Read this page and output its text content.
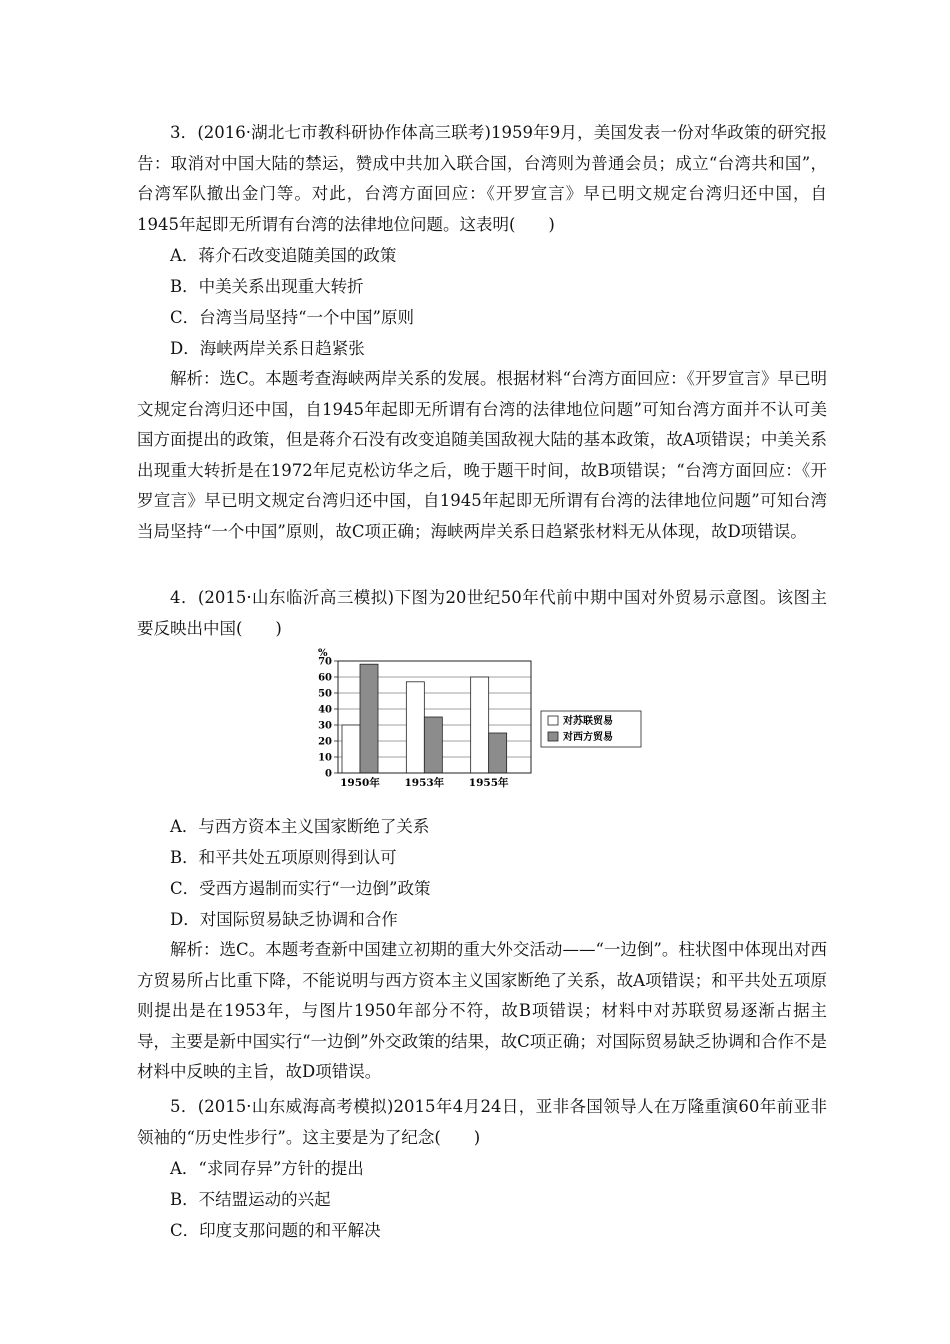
3．(2016·湖北七市教科研协作体高三联考)1959年9月，美国发表一份对华政策的研究报告：取消对中国大陆的禁运，赞成中共加入联合国，台湾则为普通会员；成立“台湾共和国”，台湾军队撤出金门等。对此，台湾方面回应：《开罗宣言》早已明文规定台湾归还中国，自1945年起即无所谓有台湾的法律地位问题。这表明(　　)

A．蒋介石改变追随美国的政策

B．中美关系出现重大转折

C．台湾当局坚持“一个中国”原则

D．海峡两岸关系日趋紧张

解析：选C。本题考查海峡两岸关系的发展。根据材料“台湾方面回应：《开罗宣言》早已明文规定台湾归还中国，自1945年起即无所谓有台湾的法律地位问题”可知台湾方面并不认可美国方面提出的政策，但是蒋介石没有改变追随美国敌视大陆的基本政策，故A项错误；中美关系出现重大转折是在1972年尼克松访华之后，晚于题干时间，故B项错误；“台湾方面回应：《开罗宣言》早已明文规定台湾归还中国，自1945年起即无所谓有台湾的法律地位问题”可知台湾当局坚持“一个中国”原则，故C项正确；海峡两岸关系日趋紧张材料无从体现，故D项错误。

4．(2015·山东临沂高三模拟)下图为20世纪50年代前中期中国对外贸易示意图。该图主要反映出中国(　　)

%
0
10
20
30
40
50
60
70
1950年 1953年 1955年
对苏联贸易
对西方贸易

A．与西方资本主义国家断绝了关系

B．和平共处五项原则得到认可

C．受西方遏制而实行“一边倒”政策

D．对国际贸易缺乏协调和合作

解析：选C。本题考查新中国建立初期的重大外交活动——“一边倒”。柱状图中体现出对西方贸易所占比重下降，不能说明与西方资本主义国家断绝了关系，故A项错误；和平共处五项原则提出是在1953年，与图片1950年部分不符，故B项错误；材料中对苏联贸易逐渐占据主导，主要是新中国实行“一边倒”外交政策的结果，故C项正确；对国际贸易缺乏协调和合作不是材料中反映的主旨，故D项错误。

5．(2015·山东威海高考模拟)2015年4月24日，亚非各国领导人在万隆重演60年前亚非领袖的“历史性步行”。这主要是为了纪念(　　)

A．“求同存异”方针的提出

B．不结盟运动的兴起

C．印度支那问题的和平解决
